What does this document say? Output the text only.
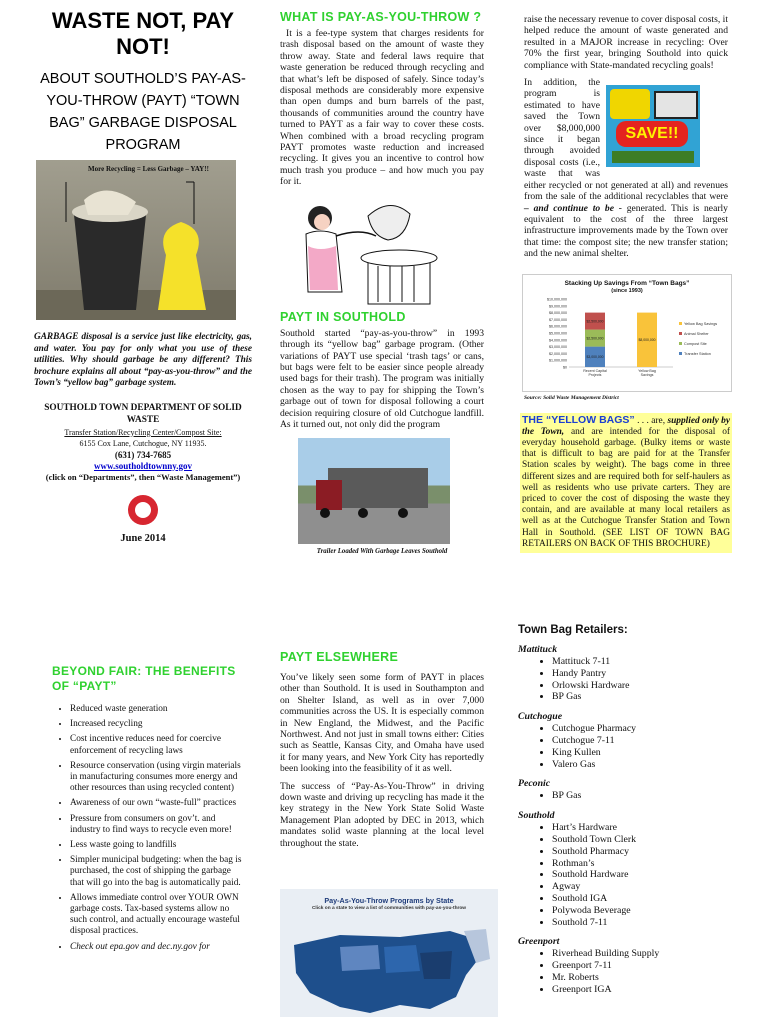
WASTE NOT, PAY NOT!
ABOUT SOUTHOLD’S PAY-AS-YOU-THROW (PAYT) “TOWN BAG” GARBAGE DISPOSAL PROGRAM
More Recycling = Less Garbage – YAY!!
GARBAGE disposal is a service just like electricity, gas, and water. You pay for only what you use of these utilities. Why should garbage be any different? This brochure explains all about “pay-as-you-throw” and the Town’s “yellow bag” garbage system.
SOUTHOLD TOWN DEPARTMENT OF SOLID WASTE
Transfer Station/Recycling Center/Compost Site:
6155 Cox Lane, Cutchogue, NY 11935.
(631) 734-7685
www.southoldtownny.gov
(click on “Departments”, then “Waste Management”)
June 2014
WHAT IS PAY-AS-YOU-THROW ?
It is a fee-type system that charges residents for trash disposal based on the amount of waste they throw away. State and federal laws require that waste generation be reduced through recycling and that what’s left be disposed of safely. Since today’s disposal methods are considerably more expensive than open dumps and burn barrels of the past, thousands of communities around the country have turned to PAYT as a fair way to cover these costs. When combined with a broad recycling program PAYT promotes waste reduction and increased recycling. It gives you an incentive to control how much trash you produce – and how much you pay for it.
PAYT IN SOUTHOLD
Southold started “pay-as-you-throw” in 1993 through its “yellow bag” garbage program. (Other variations of PAYT use special ‘trash tags’ or cans, but bags were felt to be easier since people already used bags for their trash). The program was initially chosen as the way to pay for shipping the Town’s garbage out of town for disposal following a court decision requiring closure of old Cutchogue landfill. As it turned out, not only did the program
Trailer Loaded With Garbage Leaves Southold
raise the necessary revenue to cover disposal costs, it helped reduce the amount of waste generated and resulted in a MAJOR increase in recycling: Over 70% the first year, bringing Southold into quick compliance with State-mandated recycling goals!
SAVE!!
In addition, the program is estimated to have saved the Town over $8,000,000 since it began through avoided disposal costs (i.e., waste that was either recycled or not generated at all) and revenues from the sale of the additional recyclables that were – and continue to be - generated. This is nearly equivalent to the cost of the three largest infrastructure improvements made by the Town over that time: the compost site; the new transfer station; and the new animal shelter.
Stacking Up Savings From “Town Bags”
(since 1993)
$0
$1,000,000
$2,000,000
$3,000,000
$4,000,000
$5,000,000
$6,000,000
$7,000,000
$8,000,000
$9,000,000
$10,000,000
$3,000,000
$2,500,000
$2,500,000
Recent Capital
Projects
$8,000,000
Yellow Bag
Savings
Yellow Bag Savings
Animal Shelter
Compost Site
Transfer Station
Source: Solid Waste Management District
THE “YELLOW BAGS” . . . are, supplied only by the Town, and are intended for the disposal of everyday household garbage. (Bulky items or waste that is difficult to bag are paid for at the Transfer Station scales by weight). The bags come in three different sizes and are required both for self-haulers as well as residents who use private carters. They are priced to cover the cost of disposing the waste they contain, and are available at many local retailers as well as at the Cutchogue Transfer Station and Town Hall in Southold. (SEE LIST OF TOWN BAG RETAILERS ON BACK OF THIS BROCHURE)
BEYOND FAIR: THE BENEFITS OF “PAYT”
• Reduced waste generation
• Increased recycling
• Cost incentive reduces need for coercive enforcement of recycling laws
• Resource conservation (using virgin materials in manufacturing consumes more energy and other resources than using recycled content)
• Awareness of our own “waste-full” practices
• Pressure from consumers on gov’t. and industry to find ways to recycle even more!
• Less waste going to landfills
• Simpler municipal budgeting: when the bag is purchased, the cost of shipping the garbage that will go into the bag is automatically paid.
• Allows immediate control over YOUR OWN garbage costs. Tax-based systems allow no such control, and actually encourage wasteful disposal practices.
• Check out epa.gov and dec.ny.gov for
PAYT ELSEWHERE
You’ve likely seen some form of PAYT in places other than Southold. It is used in Southampton and on Shelter Island, as well as in over 7,000 communities across the US. It is especially common in New England, the Midwest, and the Pacific Northwest. And not just in small towns either: Cities such as Seattle, Kansas City, and Omaha have used it for many years, and New York City has reportedly been looking into the feasibility of it as well.
The success of “Pay-As-You-Throw” in driving down waste and driving up recycling has made it the key strategy in the New York State Solid Waste Management Plan adopted by DEC in 2013, which mandates solid waste planning at the local level throughout the state.
Pay-As-You-Throw Programs by State
Click on a state to view a list of communities with pay-as-you-throw
Town Bag Retailers:
Mattituck
• Mattituck 7-11
• Handy Pantry
• Orlowski Hardware
• BP Gas
Cutchogue
• Cutchogue Pharmacy
• Cutchogue 7-11
• King Kullen
• Valero Gas
Peconic
• BP Gas
Southold
• Hart’s Hardware
• Southold Town Clerk
• Southold Pharmacy
• Rothman’s
• Southold Hardware
• Agway
• Southold IGA
• Polywoda Beverage
• Southold 7-11
Greenport
• Riverhead Building Supply
• Greenport 7-11
• Mr. Roberts
• Greenport IGA
